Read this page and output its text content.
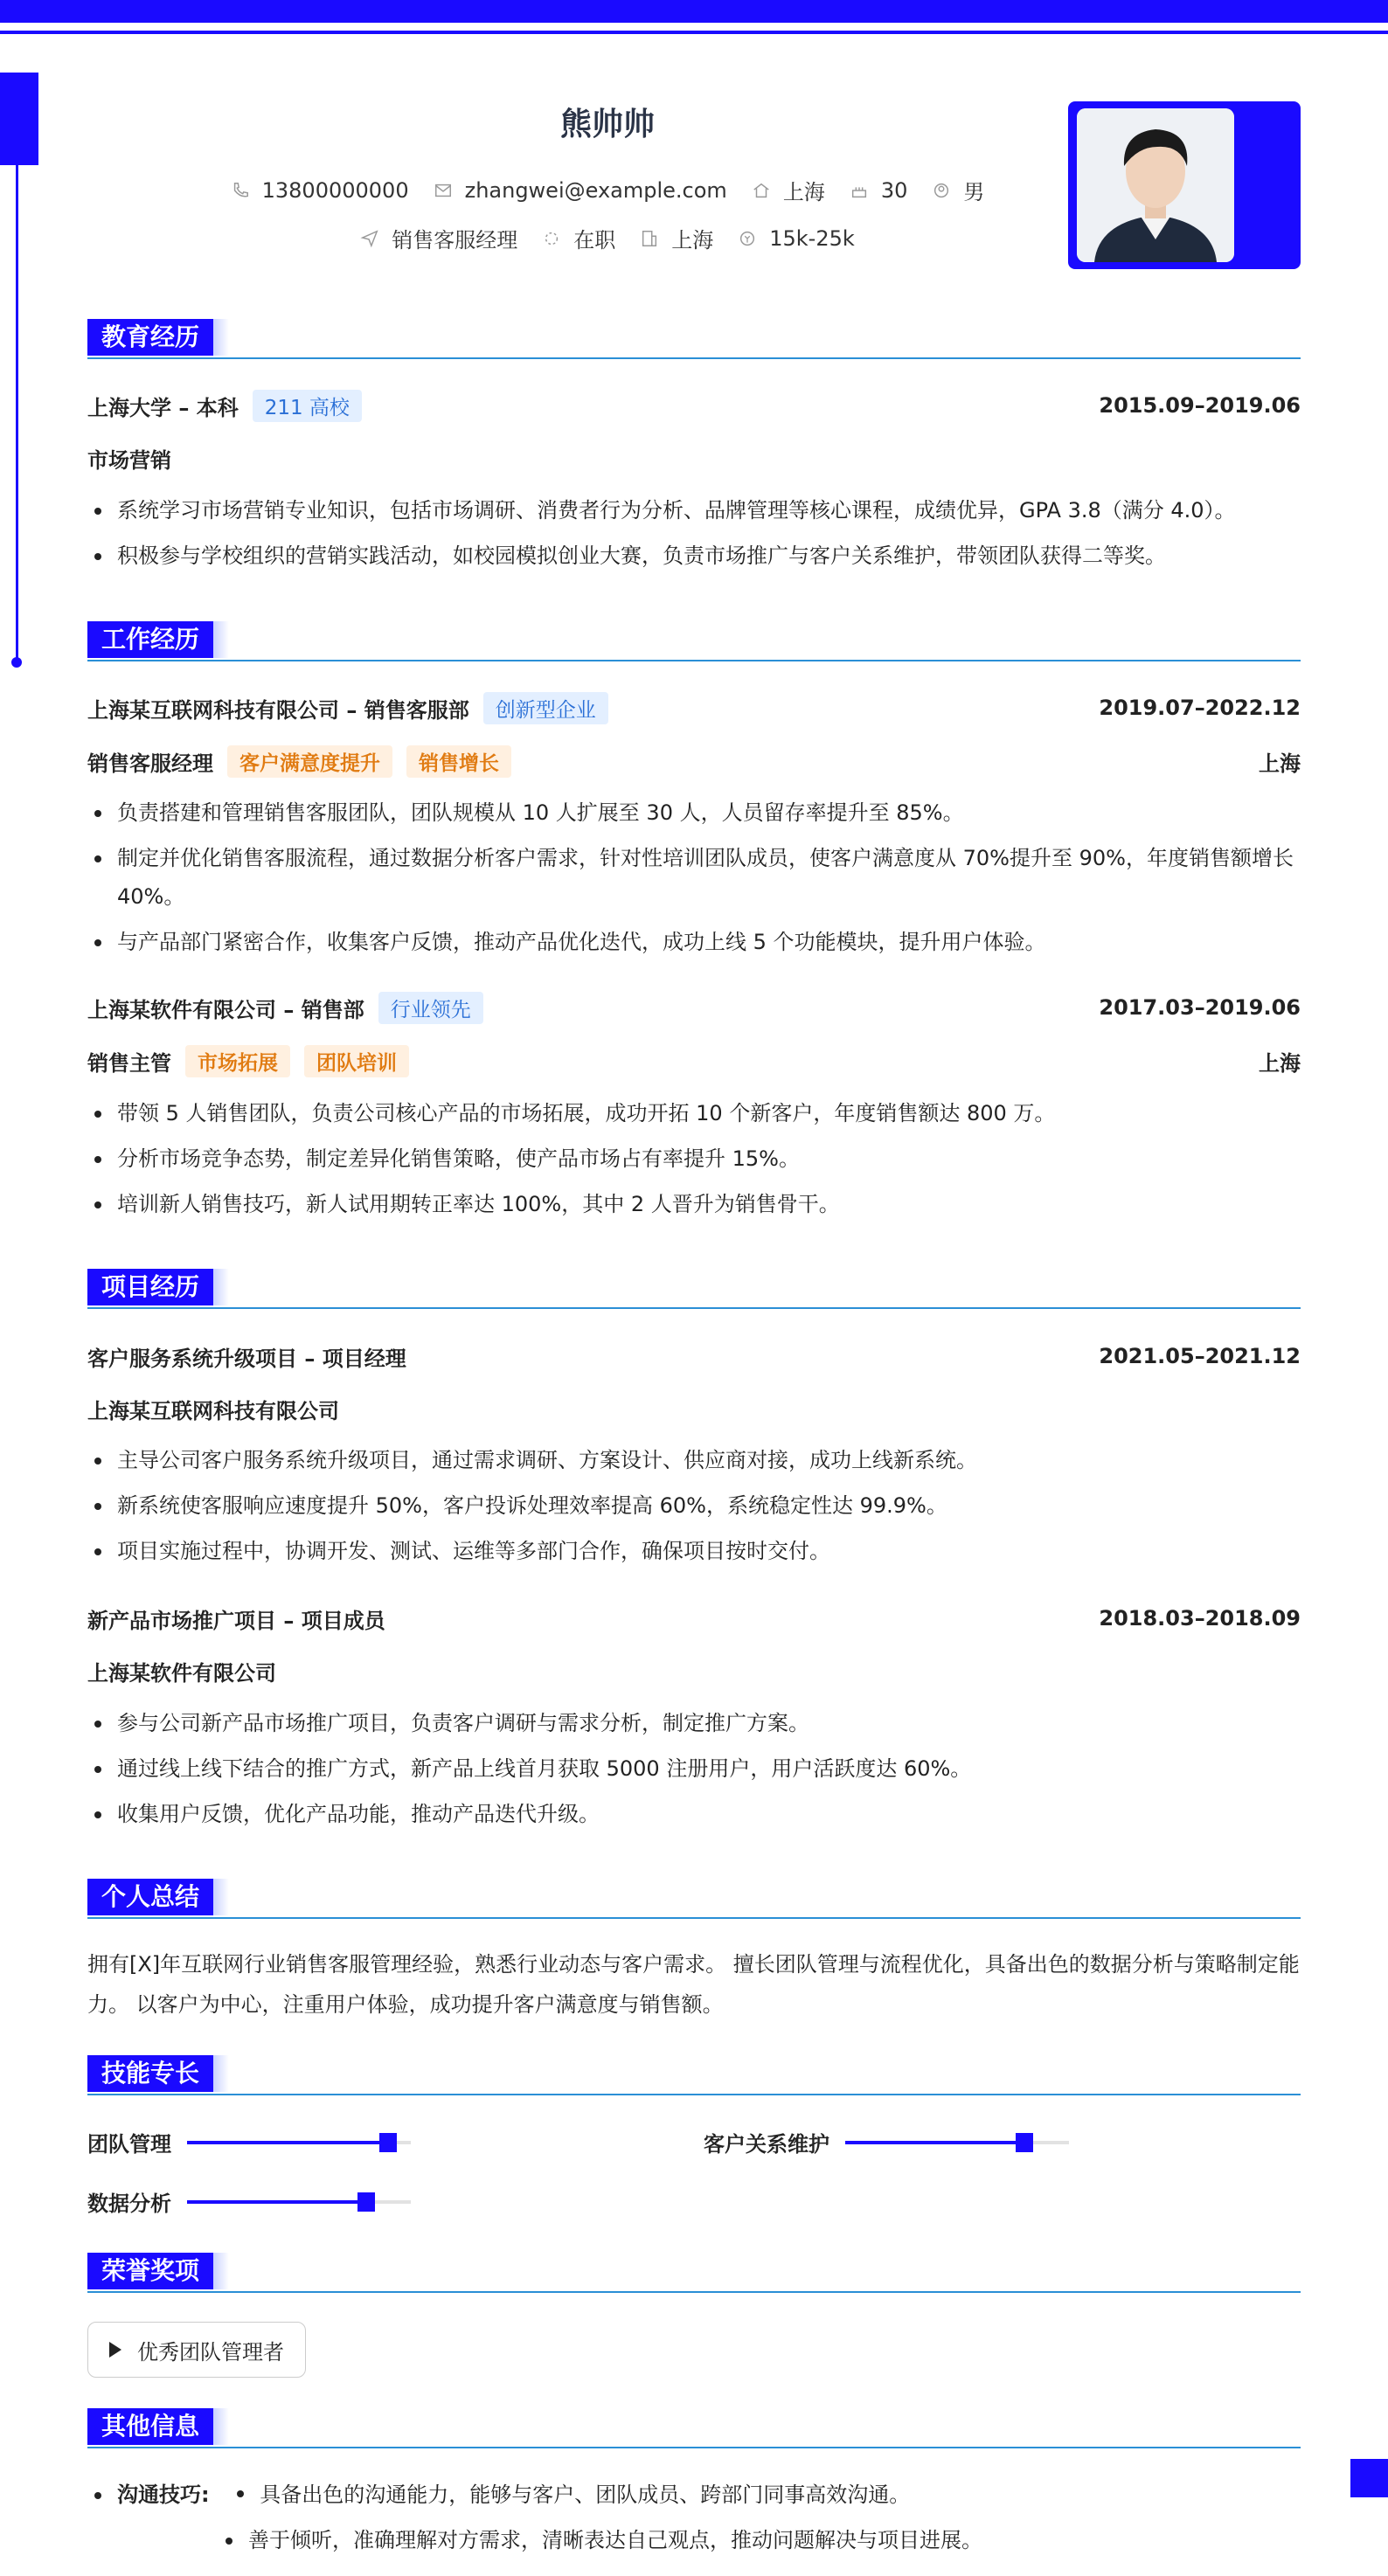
熊帅帅
13800000000	zhangwei@example.com	上海	30	男
销售客服经理	在职	上海	15k-25k
教育经历
上海大学 – 本科	211 高校	2015.09–2019.06
市场营销
系统学习市场营销专业知识，包括市场调研、消费者行为分析、品牌管理等核心课程，成绩优异，GPA 3.8（满分 4.0）。
积极参与学校组织的营销实践活动，如校园模拟创业大赛，负责市场推广与客户关系维护，带领团队获得二等奖。
工作经历
上海某互联网科技有限公司 – 销售客服部	创新型企业	2019.07–2022.12
销售客服经理	客户满意度提升	销售增长	上海
负责搭建和管理销售客服团队，团队规模从 10 人扩展至 30 人，人员留存率提升至 85%。
制定并优化销售客服流程，通过数据分析客户需求，针对性培训团队成员，使客户满意度从 70%提升至 90%，年度销售额增长 40%。
与产品部门紧密合作，收集客户反馈，推动产品优化迭代，成功上线 5 个功能模块，提升用户体验。
上海某软件有限公司 – 销售部	行业领先	2017.03–2019.06
销售主管	市场拓展	团队培训	上海
带领 5 人销售团队，负责公司核心产品的市场拓展，成功开拓 10 个新客户，年度销售额达 800 万。
分析市场竞争态势，制定差异化销售策略，使产品市场占有率提升 15%。
培训新人销售技巧，新人试用期转正率达 100%，其中 2 人晋升为销售骨干。
项目经历
客户服务系统升级项目 – 项目经理	2021.05–2021.12
上海某互联网科技有限公司
主导公司客户服务系统升级项目，通过需求调研、方案设计、供应商对接，成功上线新系统。
新系统使客服响应速度提升 50%，客户投诉处理效率提高 60%，系统稳定性达 99.9%。
项目实施过程中，协调开发、测试、运维等多部门合作，确保项目按时交付。
新产品市场推广项目 – 项目成员	2018.03–2018.09
上海某软件有限公司
参与公司新产品市场推广项目，负责客户调研与需求分析，制定推广方案。
通过线上线下结合的推广方式，新产品上线首月获取 5000 注册用户，用户活跃度达 60%。
收集用户反馈，优化产品功能，推动产品迭代升级。
个人总结
拥有[X]年互联网行业销售客服管理经验，熟悉行业动态与客户需求。 擅长团队管理与流程优化，具备出色的数据分析与策略制定能力。 以客户为中心，注重用户体验，成功提升客户满意度与销售额。
技能专长
团队管理	客户关系维护
数据分析
荣誉奖项
优秀团队管理者
其他信息
沟通技巧: 具备出色的沟通能力，能够与客户、团队成员、跨部门同事高效沟通。
善于倾听，准确理解对方需求，清晰表达自己观点，推动问题解决与项目进展。
